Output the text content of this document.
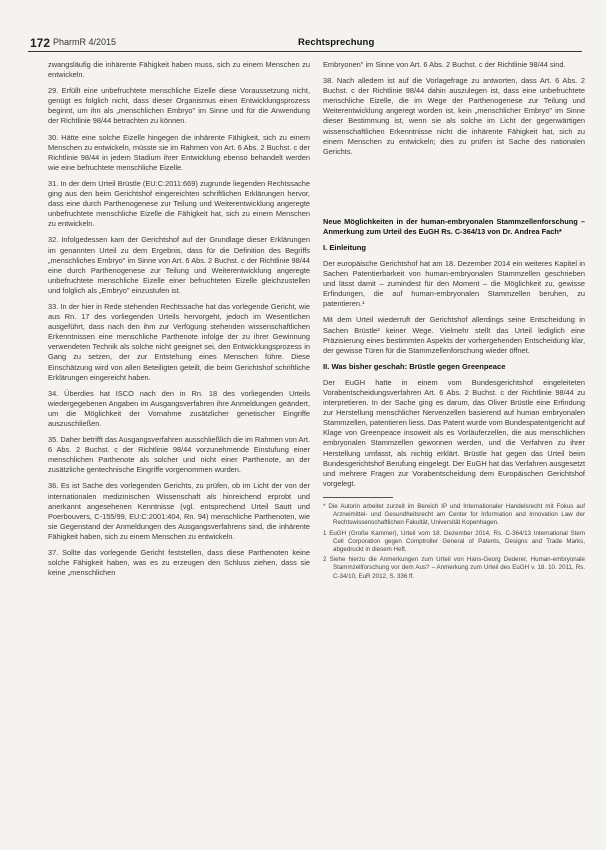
172 PharmR 4/2015	Rechtsprechung

zwangsläufig die inhärente Fähigkeit haben muss, sich zu einem Menschen zu entwickeln.

29. Erfüllt eine unbefruchtete menschliche Eizelle diese Voraussetzung nicht, genügt es folglich nicht, dass dieser Organismus einen Entwicklungsprozess beginnt, um ihn als „menschlichen Embryo" im Sinne und für die Anwendung der Richtlinie 98/44 betrachten zu können.

30. Hätte eine solche Eizelle hingegen die inhärente Fähigkeit, sich zu einem Menschen zu entwickeln, müsste sie im Rahmen von Art. 6 Abs. 2 Buchst. c der Richtlinie 98/44 in jedem Stadium ihrer Entwicklung ebenso behandelt werden wie eine befruchtete menschliche Eizelle.

31. In der dem Urteil Brüstle (EU:C:2011:669) zugrunde liegenden Rechtssache ging aus den beim Gerichtshof eingereichten schriftlichen Erklärungen hervor, dass eine durch Parthenogenese zur Teilung und Weiterentwicklung angeregte unbefruchtete menschliche Eizelle die Fähigkeit hat, sich zu einem Menschen zu entwickeln.

32. Infolgedessen kam der Gerichtshof auf der Grundlage dieser Erklärungen im genannten Urteil zu dem Ergebnis, dass für die Definition des Begriffs „menschliches Embryo" im Sinne von Art. 6 Abs. 2 Buchst. c der Richtlinie 98/44 eine durch Parthenogenese zur Teilung und Weiterentwicklung angeregte unbefruchtete menschliche Eizelle einer befruchteten Eizelle gleichzustellen und folglich als „Embryo" einzustufen ist.

33. In der hier in Rede stehenden Rechtssache hat das vorlegende Gericht, wie aus Rn. 17 des vorliegenden Urteils hervorgeht, jedoch im Wesentlichen ausgeführt, dass nach den ihm zur Verfügung stehenden wissenschaftlichen Erkenntnissen eine menschliche Parthenote infolge der zu ihrer Gewinnung verwendeten Technik als solche nicht geeignet sei, den Entwicklungsprozess in Gang zu setzen, der zur Entstehung eines Menschen führe. Diese Einschätzung wird von allen Beteiligten geteilt, die beim Gerichtshof schriftliche Erklärungen eingereicht haben.

34. Überdies hat ISCO nach den in Rn. 18 des vorliegenden Urteils wiedergegebenen Angaben im Ausgangsverfahren ihre Anmeldungen geändert, um die Möglichkeit der Vornahme zusätzlicher genetischer Eingriffe auszuschließen.

35. Daher betrifft das Ausgangsverfahren ausschließlich die im Rahmen von Art. 6 Abs. 2 Buchst. c der Richtlinie 98/44 vorzunehmende Einstufung einer menschlichen Parthenote als solcher und nicht einer Parthenote, an der zusätzliche gentechnische Eingriffe vorgenommen wurden.

36. Es ist Sache des vorlegenden Gerichts, zu prüfen, ob im Licht der von der internationalen medizinischen Wissenschaft als hinreichend erprobt und anerkannt angesehenen Kenntnisse (vgl. entsprechend Urteil Sautt und Poerbouvers, C-155/99, EU:C:2001:404, Rn. 94) menschliche Parthenoten, wie sie Gegenstand der Anmeldungen des Ausgangsverfahrens sind, die inhärente Fähigkeit haben, sich zu einem Menschen zu entwickeln.

37. Sollte das vorlegende Gericht feststellen, dass diese Parthenoten keine solche Fähigkeit haben, was es zu erzeugen den Schluss ziehen, dass sie keine „menschlichen

Embryonen" im Sinne von Art. 6 Abs. 2 Buchst. c der Richtlinie 98/44 sind.

38. Nach alledem ist auf die Vorlagefrage zu antworten, dass Art. 6 Abs. 2 Buchst. c der Richtlinie 98/44 dahin auszulegen ist, dass eine unbefruchtete menschliche Eizelle, die im Wege der Parthenogenese zur Teilung und Weiterentwicklung angeregt worden ist, kein „menschlicher Embryo" im Sinne dieser Bestimmung ist, wenn sie als solche im Licht der gegenwärtigen wissenschaftlichen Erkenntnisse nicht die inhärente Fähigkeit hat, sich zu einem Menschen zu entwickeln; dies zu prüfen ist Sache des nationalen Gerichts.

Neue Möglichkeiten in der human-embryonalen Stammzellenforschung – Anmerkung zum Urteil des EuGH Rs. C-364/13 von Dr. Andrea Fach*
I. Einleitung

Der europäische Gerichtshof hat am 18. Dezember 2014 ein weiteres Kapitel in Sachen Patentierbarkeit von human-embryonalen Stammzellen geschrieben und lässt damit – zumindest für den Moment – die Möglichkeit zu, gewisse Erfindungen, die auf human-embryonalen Stammzellen beruhen, zu patentieren.¹

Mit dem Urteil wiederruft der Gerichtshof allerdings seine Entscheidung in Sachen Brüstle² keiner Wege. Vielmehr stellt das Urteil lediglich eine Präzisierung eines bestimmten Aspekts der vorhergehenden Entscheidung klar, der gewisse Türen für die Stammzellenforschung wieder öffnet.

II. Was bisher geschah: Brüstle gegen Greenpeace

Der EuGH hatte in einem vom Bundesgerichtshof eingeleiteten Vorabentscheidungsverfahren Art. 6 Abs. 2 Buchst. c der Richtlinie 98/44 zu interpretieren. In der Sache ging es darum, das Oliver Brüstle eine Erfindung zur Herstellung menschlicher Nervenzellen basierend auf human embryonalen Stammzellen, patentieren liess. Das Patent wurde vom Bundespatentgericht auf Klage von Greenpeace insoweit als es Vorläuferzellen, die aus menschlichen embryonalen Stammzellen gewonnen werden, und die Verfahren zu ihrer Herstellung umfasst, als nichtig erklärt. Brüstle hat gegen das Urteil beim Bundesgerichtshof Berufung eingelegt. Der EuGH hat das Verfahren ausgesetzt und mehrere Fragen zur Vorabentscheidung dem Europäischen Gerichtshof vorgelegt.

* Die Autorin arbeitet zurzeit im Bereich IP und Internationaler Handelsrecht mit Fokus auf Arzneimittel- und Gesundheitsrecht am Center for Information and Innovation Law der Rechtswissenschaftlichen Fakultät, Universität Kopenhagen.
1 EuGH (Große Kammer), Urteil vom 18. Dezember 2014, Rs. C-364/13 International Stem Cell Corporation gegen Comptroller General of Patents, Designs and Trade Marks, abgedruckt in diesem Heft.
2 Siehe hierzu die Anmerkungen zum Urteil von Hans-Georg Dederer, Human-embryonale Stammzellforschung vor dem Aus? – Anmerkung zum Urteil des EuGH v. 18. 10. 2011, Rs. C-34/10, EuR 2012, S. 336 ff.
